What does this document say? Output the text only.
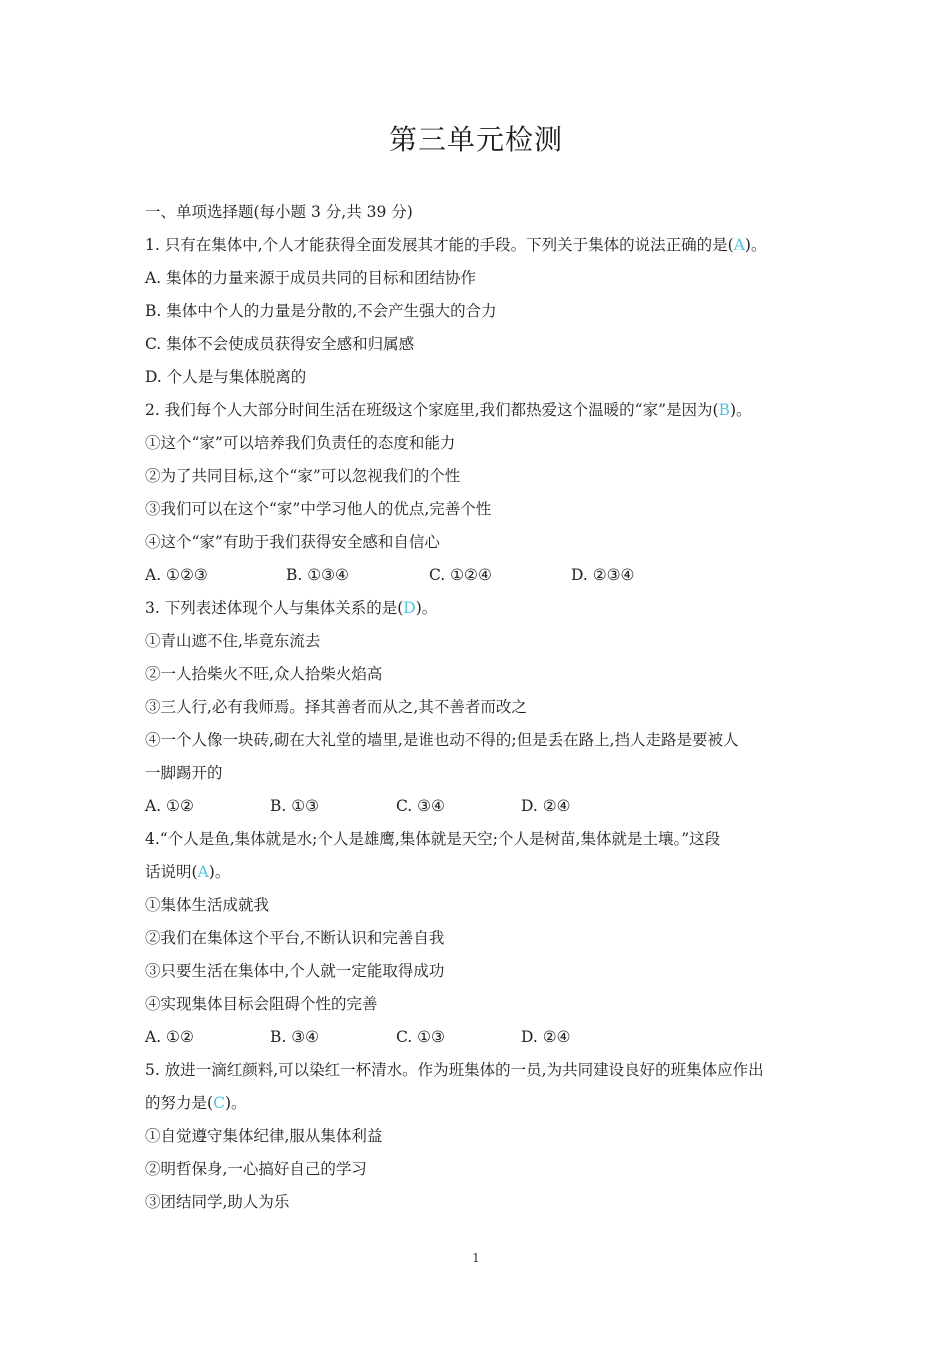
第三单元检测
一、单项选择题(每小题 3 分,共 39 分)
1. 只有在集体中,个人才能获得全面发展其才能的手段。下列关于集体的说法正确的是(A)。
A. 集体的力量来源于成员共同的目标和团结协作
B. 集体中个人的力量是分散的,不会产生强大的合力
C. 集体不会使成员获得安全感和归属感
D. 个人是与集体脱离的
2. 我们每个人大部分时间生活在班级这个家庭里,我们都热爱这个温暖的“家”是因为(B)。
①这个“家”可以培养我们负责任的态度和能力
②为了共同目标,这个“家”可以忽视我们的个性
③我们可以在这个“家”中学习他人的优点,完善个性
④这个“家”有助于我们获得安全感和自信心
A. ①②③	B. ①③④	C. ①②④	D. ②③④
3. 下列表述体现个人与集体关系的是(D)。
①青山遮不住,毕竟东流去
②一人拾柴火不旺,众人拾柴火焰高
③三人行,必有我师焉。择其善者而从之,其不善者而改之
④一个人像一块砖,砌在大礼堂的墙里,是谁也动不得的;但是丢在路上,挡人走路是要被人
一脚踢开的
A. ①②	B. ①③	C. ③④	D. ②④
4.“个人是鱼,集体就是水;个人是雄鹰,集体就是天空;个人是树苗,集体就是土壤。”这段
话说明(A)。
①集体生活成就我
②我们在集体这个平台,不断认识和完善自我
③只要生活在集体中,个人就一定能取得成功
④实现集体目标会阻碍个性的完善
A. ①②	B. ③④	C. ①③	D. ②④
5. 放进一滴红颜料,可以染红一杯清水。作为班集体的一员,为共同建设良好的班集体应作出
的努力是(C)。
①自觉遵守集体纪律,服从集体利益
②明哲保身,一心搞好自己的学习
③团结同学,助人为乐
1
